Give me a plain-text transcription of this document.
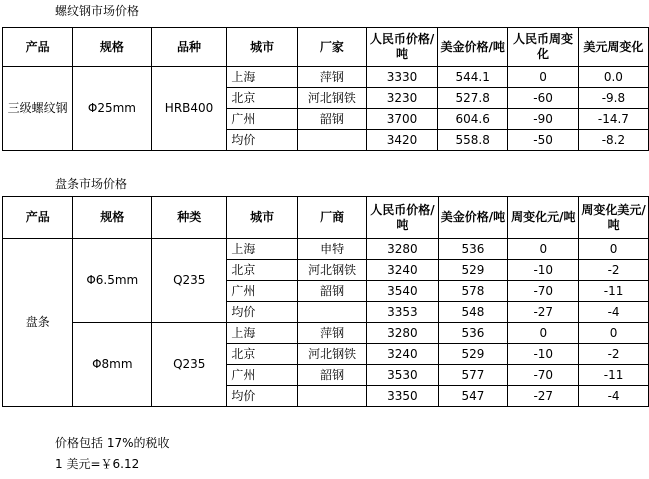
螺纹钢市场价格
产品	规格	品种	城市	厂家	人民币价格/吨	美金价格/吨	人民币周变化	美元周变化
三级螺纹钢	Φ25mm	HRB400	上海	萍钢	3330	544.1	0	0.0
			北京	河北钢铁	3230	527.8	-60	-9.8
			广州	韶钢	3700	604.6	-90	-14.7
			均价		3420	558.8	-50	-8.2
盘条市场价格
产品	规格	种类	城市	厂商	人民币价格/吨	美金价格/吨	周变化元/吨	周变化美元/吨
盘条	Φ6.5mm	Q235	上海	申特	3280	536	0	0
			北京	河北钢铁	3240	529	-10	-2
			广州	韶钢	3540	578	-70	-11
			均价		3353	548	-27	-4
	Φ8mm	Q235	上海	萍钢	3280	536	0	0
			北京	河北钢铁	3240	529	-10	-2
			广州	韶钢	3530	577	-70	-11
			均价		3350	547	-27	-4
价格包括 17%的税收
1 美元=￥6.12
